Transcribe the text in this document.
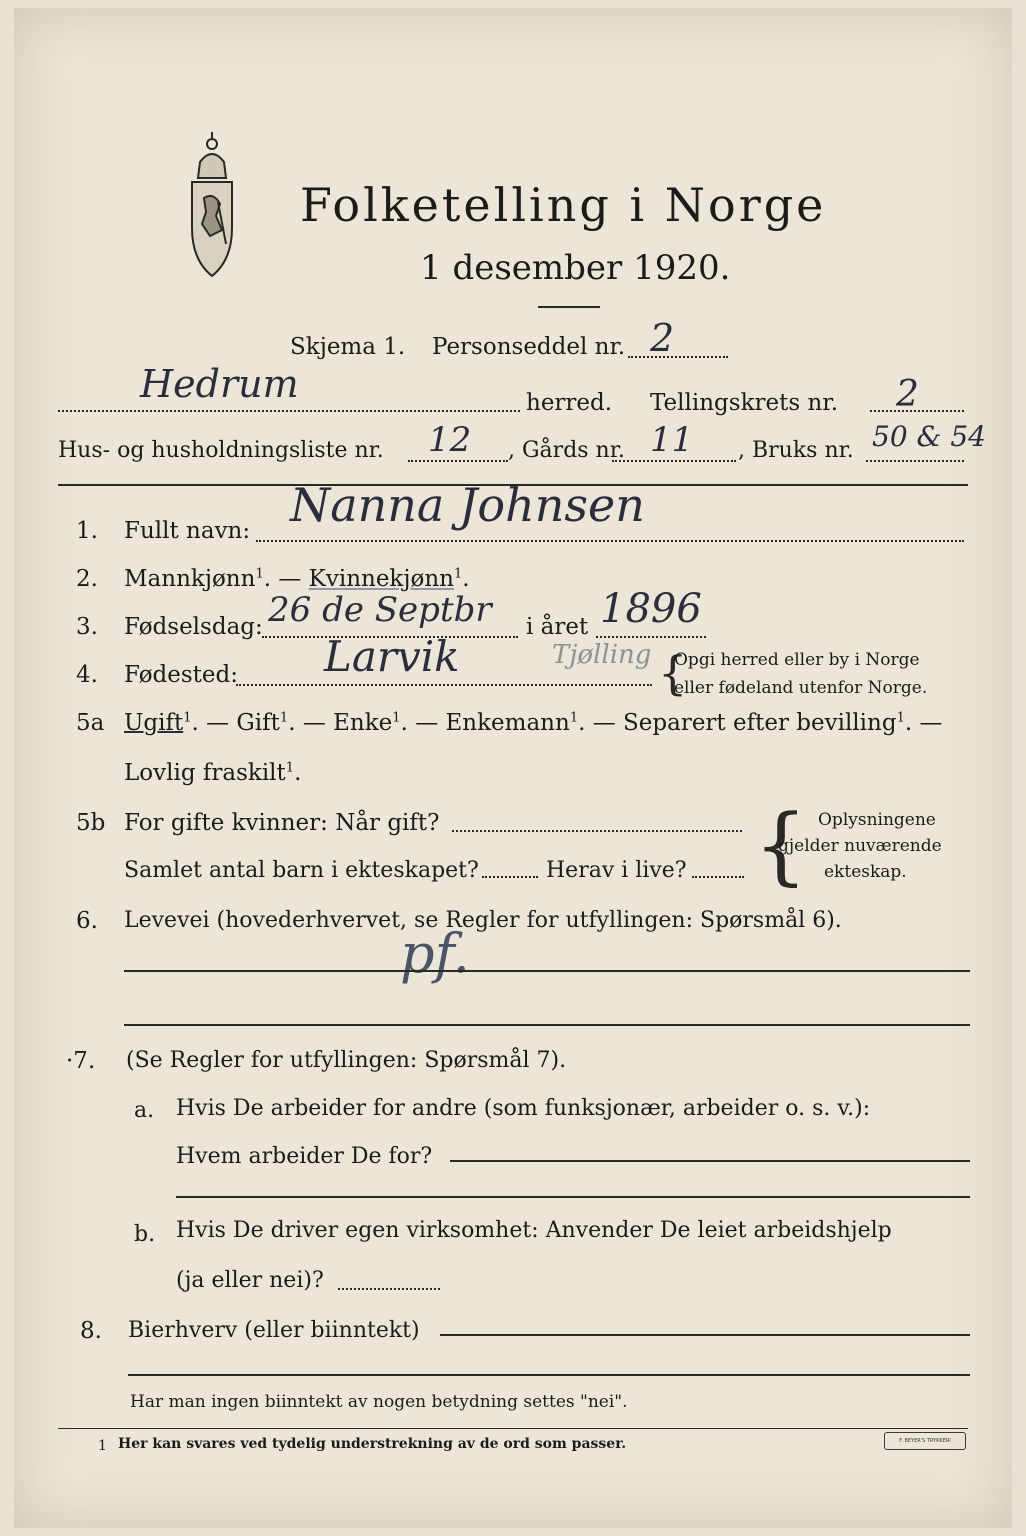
Folketelling i Norge
1 desember 1920.
Skjema 1. Personseddel nr. 2
Hedrum	herred. Tellingskrets nr. 2
Hus- og husholdningsliste nr. 12 , Gårds nr. 11 , Bruks nr. 50 & 54
1. Fullt navn: Nanna Johnsen
2. Mannkjønn$^1$. — Kvinnekjønn$^1$.
3. Fødselsdag: 26 de Septbr i året 1896
4. Fødested: Larvik	Tjølling {
Opgi herred eller by i Norge
eller fødeland utenfor Norge.
5a Ugift$^1$. — Gift$^1$. — Enke$^1$. — Enkemann$^1$. — Separert efter bevilling$^1$. —
Lovlig fraskilt$^1$.
5b For gifte kvinner: Når gift?
Samlet antal barn i ekteskapet?	Herav i live? { Oplysningene
gjelder nuværende
ekteskap.
6. Levevei (hovederhvervet, se Regler for utfyllingen: Spørsmål 6).
pf.
·7. (Se Regler for utfyllingen: Spørsmål 7).
a. Hvis De arbeider for andre (som funksjonær, arbeider o. s. v.):
Hvem arbeider De for?
b. Hvis De driver egen virksomhet: Anvender De leiet arbeidshjelp
(ja eller nei)?
8. Bierhverv (eller biinntekt)
Har man ingen biinntekt av nogen betydning settes "nei".
1 Her kan svares ved tydelig understrekning av de ord som passer.	F. BEYER'S TRYKKERI
